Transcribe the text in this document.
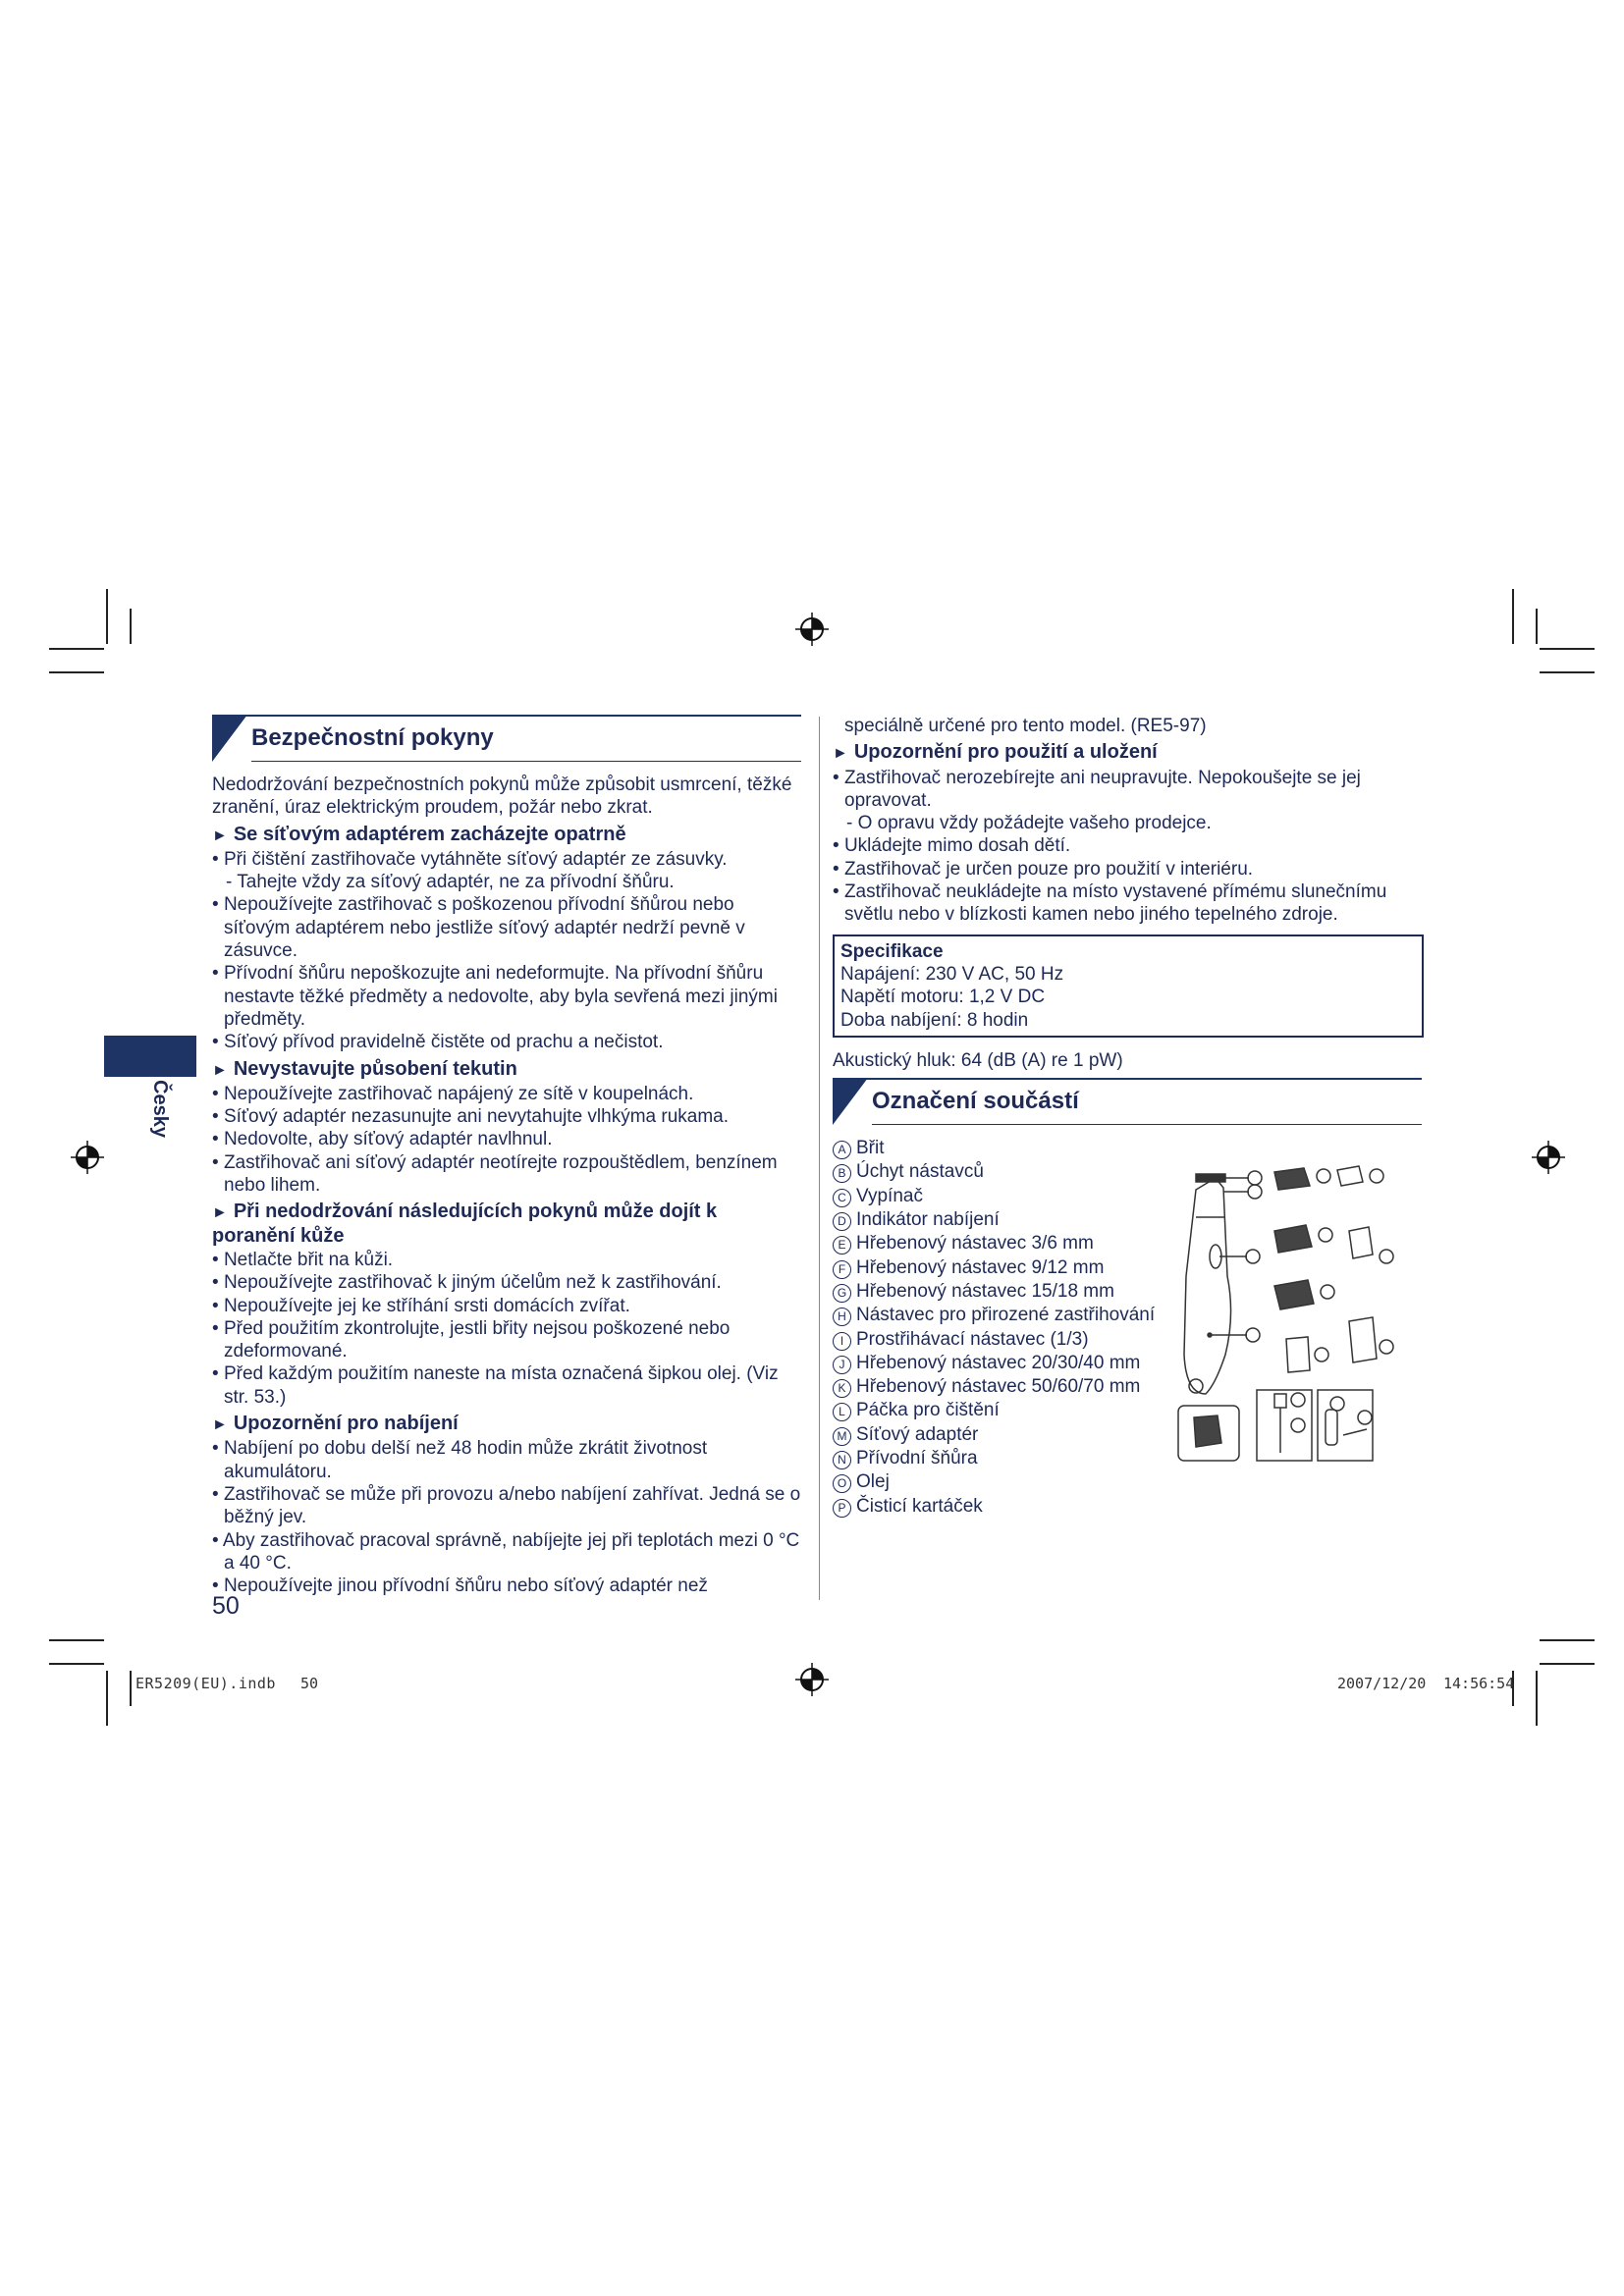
Česky
Bezpečnostní pokyny
Nedodržování bezpečnostních pokynů může způsobit usmrcení, těžké zranění, úraz elektrickým proudem, požár nebo zkrat.
► Se síťovým adaptérem zacházejte opatrně
• Při čištění zastřihovače vytáhněte síťový adaptér ze zásuvky.
- Tahejte vždy za síťový adaptér, ne za přívodní šňůru.
• Nepoužívejte zastřihovač s poškozenou přívodní šňůrou nebo síťovým adaptérem nebo jestliže síťový adaptér nedrží pevně v zásuvce.
• Přívodní šňůru nepoškozujte ani nedeformujte. Na přívodní šňůru nestavte těžké předměty a nedovolte, aby byla sevřená mezi jinými předměty.
• Síťový přívod pravidelně čistěte od prachu a nečistot.
► Nevystavujte působení tekutin
• Nepoužívejte zastřihovač napájený ze sítě v koupelnách.
• Síťový adaptér nezasunujte ani nevytahujte vlhkýma rukama.
• Nedovolte, aby síťový adaptér navlhnul.
• Zastřihovač ani síťový adaptér neotírejte rozpouštědlem, benzínem nebo lihem.
► Při nedodržování následujících pokynů může dojít k poranění kůže
• Netlačte břit na kůži.
• Nepoužívejte zastřihovač k jiným účelům než k zastřihování.
• Nepoužívejte jej ke stříhání srsti domácích zvířat.
• Před použitím zkontrolujte, jestli břity nejsou poškozené nebo zdeformované.
• Před každým použitím naneste na místa označená šipkou olej. (Viz str. 53.)
► Upozornění pro nabíjení
• Nabíjení po dobu delší než 48 hodin může zkrátit životnost akumulátoru.
• Zastřihovač se může při provozu a/nebo nabíjení zahřívat. Jedná se o běžný jev.
• Aby zastřihovač pracoval správně, nabíjejte jej při teplotách mezi 0 °C a 40 °C.
• Nepoužívejte jinou přívodní šňůru nebo síťový adaptér než
speciálně určené pro tento model. (RE5-97)
► Upozornění pro použití a uložení
• Zastřihovač nerozebírejte ani neupravujte. Nepokoušejte se jej opravovat.
- O opravu vždy požádejte vašeho prodejce.
• Ukládejte mimo dosah dětí.
• Zastřihovač je určen pouze pro použití v interiéru.
• Zastřihovač neukládejte na místo vystavené přímému slunečnímu světlu nebo v blízkosti kamen nebo jiného tepelného zdroje.
Specifikace
Napájení: 230 V AC, 50 Hz
Napětí motoru: 1,2 V DC
Doba nabíjení: 8 hodin
Akustický hluk: 64 (dB (A) re 1 pW)
Označení součástí
A Břit
B Úchyt nástavců
C Vypínač
D Indikátor nabíjení
E Hřebenový nástavec 3/6 mm
F Hřebenový nástavec 9/12 mm
G Hřebenový nástavec 15/18 mm
H Nástavec pro přirozené zastřihování
I Prostřihávací nástavec (1/3)
J Hřebenový nástavec 20/30/40 mm
K Hřebenový nástavec 50/60/70 mm
L Páčka pro čištění
M Síťový adaptér
N Přívodní šňůra
O Olej
P Čisticí kartáček
50
ER5209(EU).indb 50	2007/12/20 14:56:54
